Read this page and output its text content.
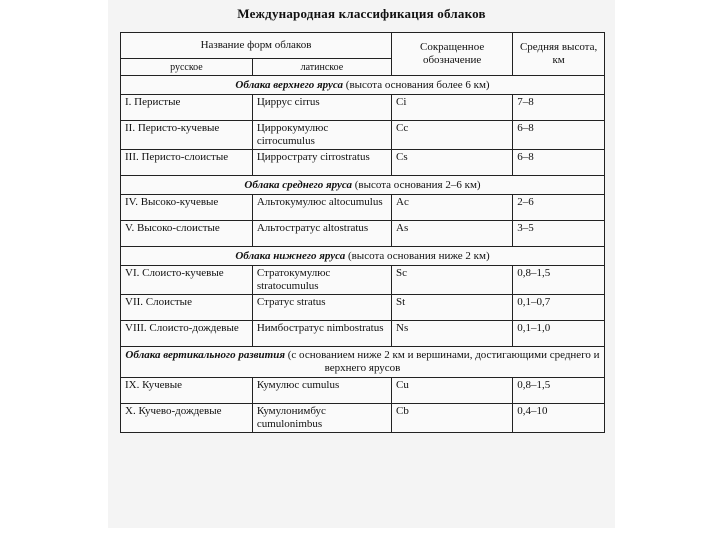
Международная классификация облаков
Название форм облаков		Сокращенное обозначение	Средняя высота, км
русское	латинское		
Облака верхнего яруса (высота основания более 6 км)			
I. Перистые	Циррус cirrus	Ci	7–8
II. Перисто-кучевые	Циррокумулюс cirrocumulus	Cc	6–8
III. Перисто-слоистые	Циррострату cirrostratus	Cs	6–8
Облака среднего яруса (высота основания 2–6 км)			
IV. Высоко-кучевые	Альтокумулюс altocumulus	Ac	2–6
V. Высоко-слоистые	Альтостратус altostratus	As	3–5
Облака нижнего яруса (высота основания ниже 2 км)			
VI. Слоисто-кучевые	Стратокумулюс stratocumulus	Sc	0,8–1,5
VII. Слоистые	Стратус stratus	St	0,1–0,7
VIII. Слоисто-дождевые	Нимбостратус nimbostratus	Ns	0,1–1,0
Облака вертикального развития (с основанием ниже 2 км и вершинами, достигающими среднего и верхнего ярусов			
IX. Кучевые	Кумулюс cumulus	Cu	0,8–1,5
X. Кучево-дождевые	Кумулонимбус cumulonimbus	Cb	0,4–10
